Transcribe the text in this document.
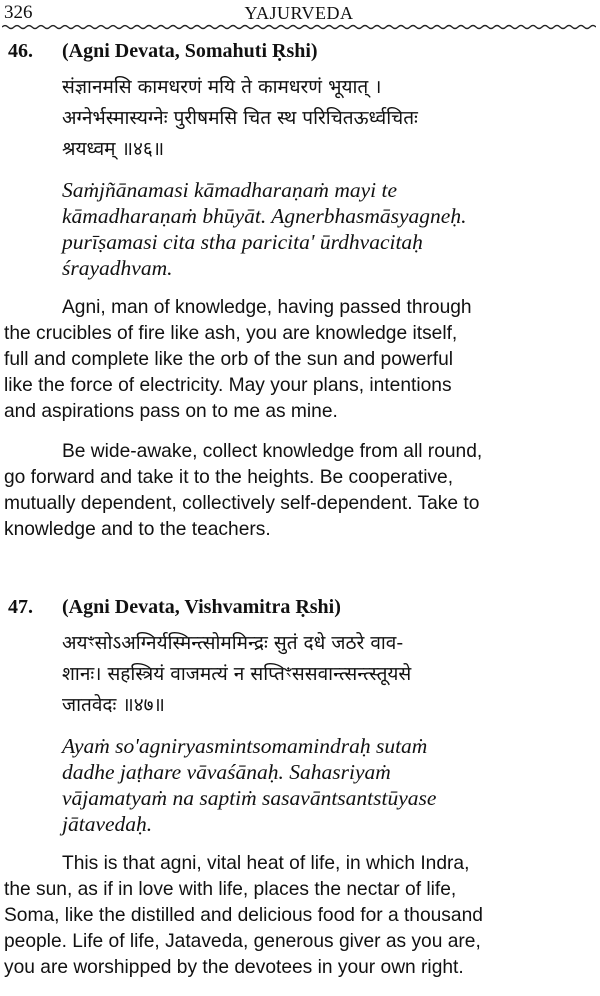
326	YAJURVEDA
46. (Agni Devata, Somahuti Ṛshi)
संज्ञानमसि कामधरणं मयि ते कामधरणं भूयात् ।
अग्नेर्भस्मास्यग्नेः पुरीषमसि चित स्थ परिचितऊर्ध्वचितः
श्रयध्वम् ॥४६॥
Saṁjñānamasi kāmadharaṇaṁ mayi te
kāmadharaṇaṁ bhūyāt. Agnerbhasmāsyagneḥ.
purīṣamasi cita stha paricita' ūrdhvacitaḥ
śrayadhvam.

Agni, man of knowledge, having passed through
the crucibles of fire like ash, you are knowledge itself,
full and complete like the orb of the sun and powerful
like the force of electricity. May your plans, intentions
and aspirations pass on to me as mine.

Be wide-awake, collect knowledge from all round,
go forward and take it to the heights. Be cooperative,
mutually dependent, collectively self-dependent. Take to
knowledge and to the teachers.

47. (Agni Devata, Vishvamitra Ṛshi)
अयꣳसोऽअग्निर्यस्मिन्त्सोममिन्द्रः सुतं दधे जठरे वाव-
शानः। सहस्त्रियं वाजमत्यं न सप्तिꣳससवान्त्सन्त्स्तूयसे
जातवेदः ॥४७॥
Ayaṁ so'agniryasmintsomamindraḥ sutaṁ
dadhe jaṭhare vāvaśānaḥ. Sahasriyaṁ
vājamatyaṁ na saptiṁ sasavāntsantstūyase
jātavedaḥ.

This is that agni, vital heat of life, in which Indra,
the sun, as if in love with life, places the nectar of life,
Soma, like the distilled and delicious food for a thousand
people. Life of life, Jataveda, generous giver as you are,
you are worshipped by the devotees in your own right.
